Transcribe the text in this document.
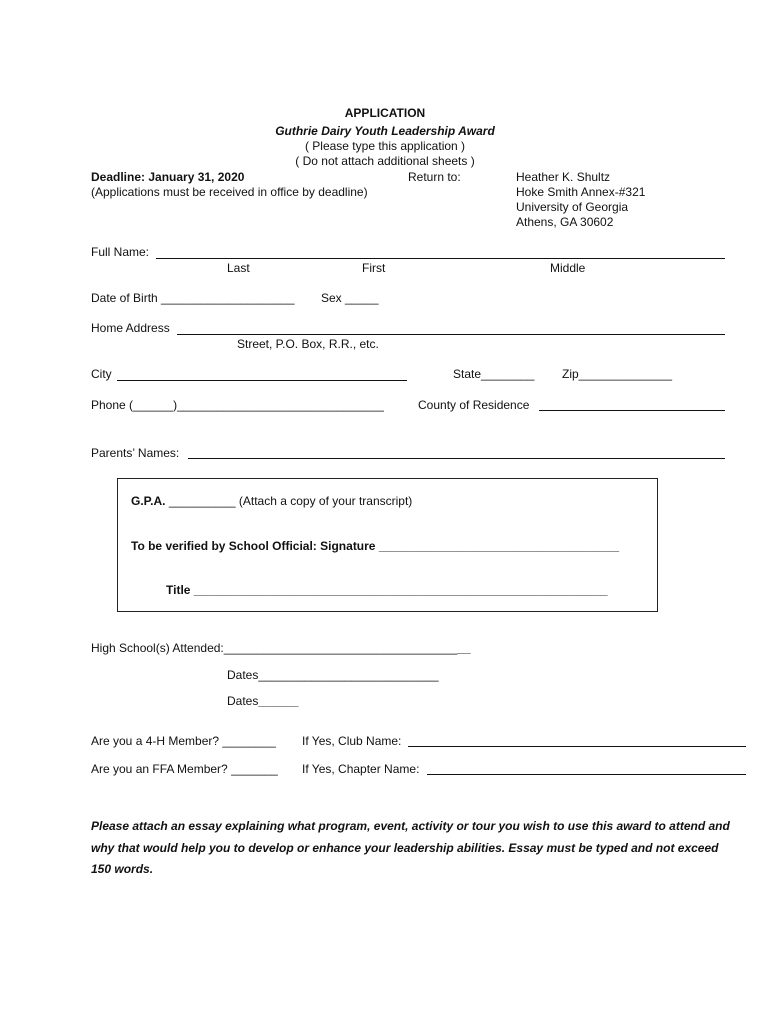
APPLICATION
Guthrie Dairy Youth Leadership Award
( Please type this application )
( Do not attach additional sheets )
Deadline: January 31, 2020
(Applications must be received in office by deadline)
Return to:	Heather K. Shultz
Hoke Smith Annex-#321
University of Georgia
Athens, GA 30602
Full Name:
Last	First	Middle
Date of Birth ____________________ Sex _____
Home Address
Street, P.O. Box, R.R., etc.
City	State________ Zip______________
Phone (______)_______________________________	County of Residence
Parents’ Names:
G.P.A. __________ (Attach a copy of your transcript)
To be verified by School Official: Signature ____________________________________
Title ______________________________________________________________
High School(s) Attended:_____________________________________
Dates___________________________
Dates______
Are you a 4-H Member? ________ If Yes, Club Name:
Are you an FFA Member? _______ If Yes, Chapter Name:
Please attach an essay explaining what program, event, activity or tour you wish to use this award to attend and why that would help you to develop or enhance your leadership abilities. Essay must be typed and not exceed 150 words.
